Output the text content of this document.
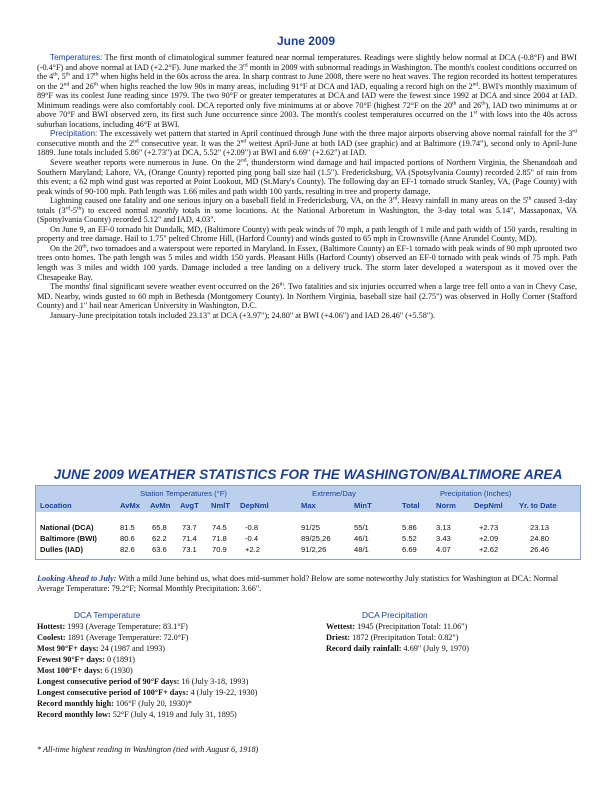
June 2009

Temperatures: The first month of climatological summer featured near normal temperatures. Readings were slightly below normal at DCA (-0.8°F) and BWI (-0.4°F) and above normal at IAD (+2.2°F). June marked the 3rd month in 2009 with subnormal readings in Washington. The month's coolest conditions occurred on the 4th, 5th and 17th when highs held in the 60s across the area. In sharp contrast to June 2008, there were no heat waves. The region recorded its hottest temperatures on the 2nd and 26th when highs reached the low 90s in many areas, including 91°F at DCA and IAD, equaling a record high on the 2nd. BWI's monthly maximum of 89°F was its coolest June reading since 1979. The two 90°F or greater temperatures at DCA and IAD were the fewest since 1992 at DCA and since 2004 at IAD. Minimum readings were also comfortably cool. DCA reported only five minimums at or above 70°F (highest 72°F on the 20th and 26th), IAD two minimums at or above 70°F and BWI observed zero, its first such June occurrence since 2003. The month's coolest temperatures occurred on the 1st with lows into the 40s across suburban locations, including 46°F at BWI.

Precipitation: The excessively wet pattern that started in April continued through June with the three major airports observing above normal rainfall for the 3rd consecutive month and the 2nd consecutive year. It was the 2nd wettest April-June at both IAD (see graphic) and at Baltimore (19.74"), second only to April-June 1889. June totals included 5.86" (+2.73") at DCA, 5.52" (+2.09") at BWI and 6.69" (+2.62") at IAD.

Severe weather reports were numerous in June. On the 2nd, thunderstorm wind damage and hail impacted portions of Northern Virginia, the Shenandoah and Southern Maryland; Lahore, VA, (Orange County) reported ping pong ball size hail (1.5"). Fredericksburg, VA (Spotsylvania County) recorded 2.85" of rain from this event; a 62 mph wind gust was reported at Point Lookout, MD (St.Mary's County). The following day an EF-1 tornado struck Stanley, VA, (Page County) with peak winds of 90-100 mph. Path length was 1.66 miles and path width 100 yards, resulting in tree and property damage.

Lightning caused one fatality and one serious injury on a baseball field in Fredericksburg, VA, on the 3rd. Heavy rainfall in many areas on the 5th caused 3-day totals (3rd-5th) to exceed normal monthly totals in some locations. At the National Arboretum in Washington, the 3-day total was 5.14", Massaponax, VA (Spotsylvania County) recorded 5.12" and IAD, 4.03".

On June 9, an EF-0 tornado hit Dundalk, MD, (Baltimore County) with peak winds of 70 mph, a path length of 1 mile and path width of 150 yards, resulting in property and tree damage. Hail to 1.75" pelted Chrome Hill, (Harford County) and winds gusted to 65 mph in Crownsville (Anne Arundel County, MD).

On the 20th, two tornadoes and a waterspout were reported in Maryland. In Essex, (Baltimore County) an EF-1 tornado with peak winds of 90 mph uprooted two trees onto homes. The path length was 5 miles and width 150 yards. Pleasant Hills (Harford County) observed an EF-0 tornado with peak winds of 75 mph. Path length was 3 miles and width 100 yards. Damage included a tree landing on a delivery truck. The storm later developed a waterspout as it moved over the Chesapeake Bay.

The months' final significant severe weather event occurred on the 26th. Two fatalities and six injuries occurred when a large tree fell onto a van in Chevy Case, MD. Nearby, winds gusted to 60 mph in Bethesda (Montgomery County). In Northern Virginia, baseball size hail (2.75") was observed in Holly Corner (Stafford County) and 1" hail near American University in Washington, D.C.

January-June precipitation totals included 23.13" at DCA (+3.97"); 24.80" at BWI (+4.06") and IAD 26.46" (+5.58").

JUNE 2009 WEATHER STATISTICS FOR THE WASHINGTON/BALTIMORE AREA
Station Temperatures (°F)	Extreme/Day	Precipitation (Inches)
Location	AvMx AvMn AvgT NmlT DepNml	Max	MinT	Total Norm DepNml Yr. to Date
National (DCA)	81.5 65.8 73.7 74.5 -0.8	91/25	55/1	5.86	3.13	+2.73	23.13
Baltimore (BWI)	80.6 62.2 71.4 71.8 -0.4	89/25,26	46/1	5.52	3.43	+2.09	24.80
Dulles (IAD)	82.6 63.6 73.1 70.9 +2.2	91/2,26	48/1	6.69	4.07	+2.62	26.46
Looking Ahead to July: With a mild June behind us, what does mid-summer hold? Below are some noteworthy July statistics for Washington at DCA: Normal Average Temperature: 79.2°F; Normal Monthly Precipitation: 3.66".
DCA Temperature
Hottest: 1993 (Average Temperature: 83.1°F)
Coolest: 1891 (Average Temperature: 72.0°F)
Most 90°F+ days: 24 (1987 and 1993)
Fewest 90°F+ days: 0 (1891)
Most 100°F+ days: 6 (1930)
Longest consecutive period of 90°F days: 16 (July 3-18, 1993)
Longest consecutive period of 100°F+ days: 4 (July 19-22, 1930)
Record monthly high: 106°F (July 20, 1930)*
Record monthly low: 52°F (July 4, 1919 and July 31, 1895)
DCA Precipitation
Wettest: 1945 (Precipitation Total: 11.06")
Driest: 1872 (Precipitation Total: 0.82")
Record daily rainfall: 4.69" (July 9, 1970)
* All-time highest reading in Washington (tied with August 6, 1918)
